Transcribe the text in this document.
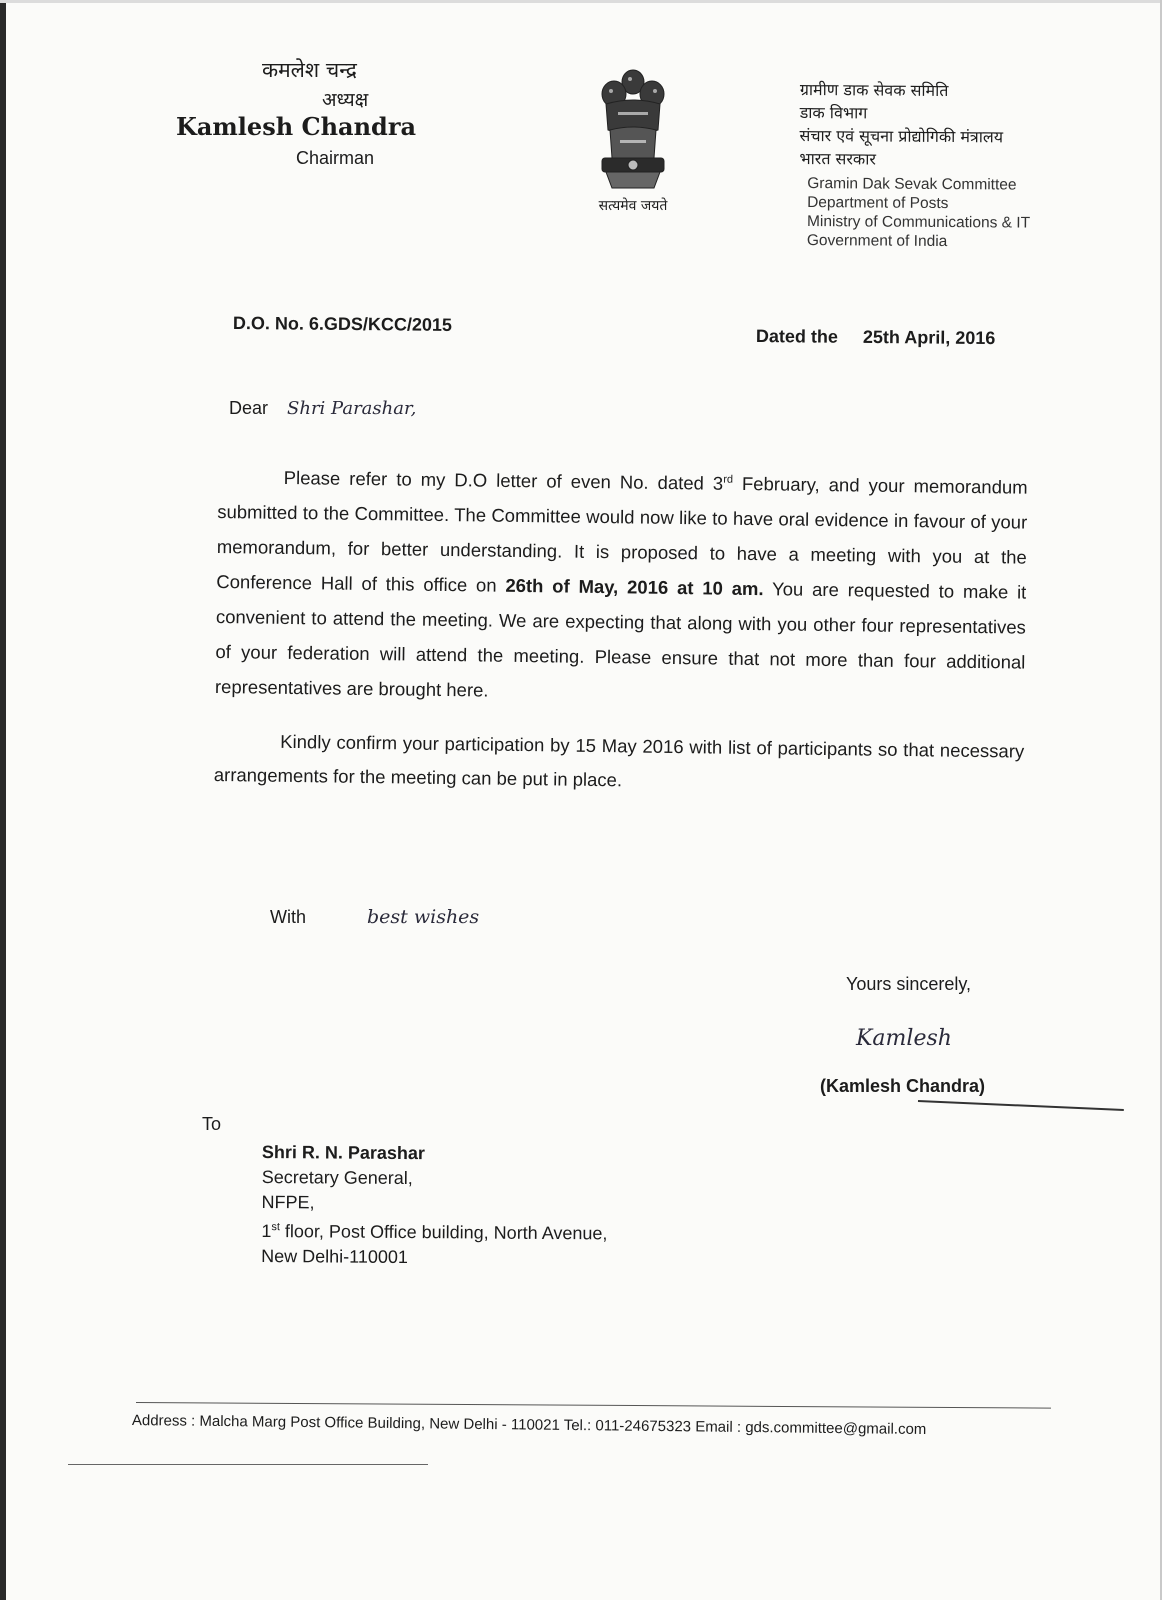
कमलेश चन्द्र
अध्यक्ष
Kamlesh Chandra
Chairman
सत्यमेव जयते
ग्रामीण डाक सेवक समिति
डाक विभाग
संचार एवं सूचना प्रोद्योगिकी मंत्रालय
भारत सरकार
Gramin Dak Sevak Committee
Department of Posts
Ministry of Communications & IT
Government of India
D.O. No. 6.GDS/KCC/2015
Dated the 25th April, 2016
Dear Shri Parashar,

Please refer to my D.O letter of even No. dated 3rd February, and your memorandum submitted to the Committee. The Committee would now like to have oral evidence in favour of your memorandum, for better understanding. It is proposed to have a meeting with you at the Conference Hall of this office on 26th of May, 2016 at 10 am. You are requested to make it convenient to attend the meeting. We are expecting that along with you other four representatives of your federation will attend the meeting. Please ensure that not more than four additional representatives are brought here.

Kindly confirm your participation by 15 May 2016 with list of participants so that necessary arrangements for the meeting can be put in place.

With	best wishes
Yours sincerely,
Kamlesh
(Kamlesh Chandra)
To
Shri R. N. Parashar
Secretary General,
NFPE,
1st floor, Post Office building, North Avenue,
New Delhi-110001
Address : Malcha Marg Post Office Building, New Delhi - 110021 Tel.: 011-24675323 Email : gds.committee@gmail.com
